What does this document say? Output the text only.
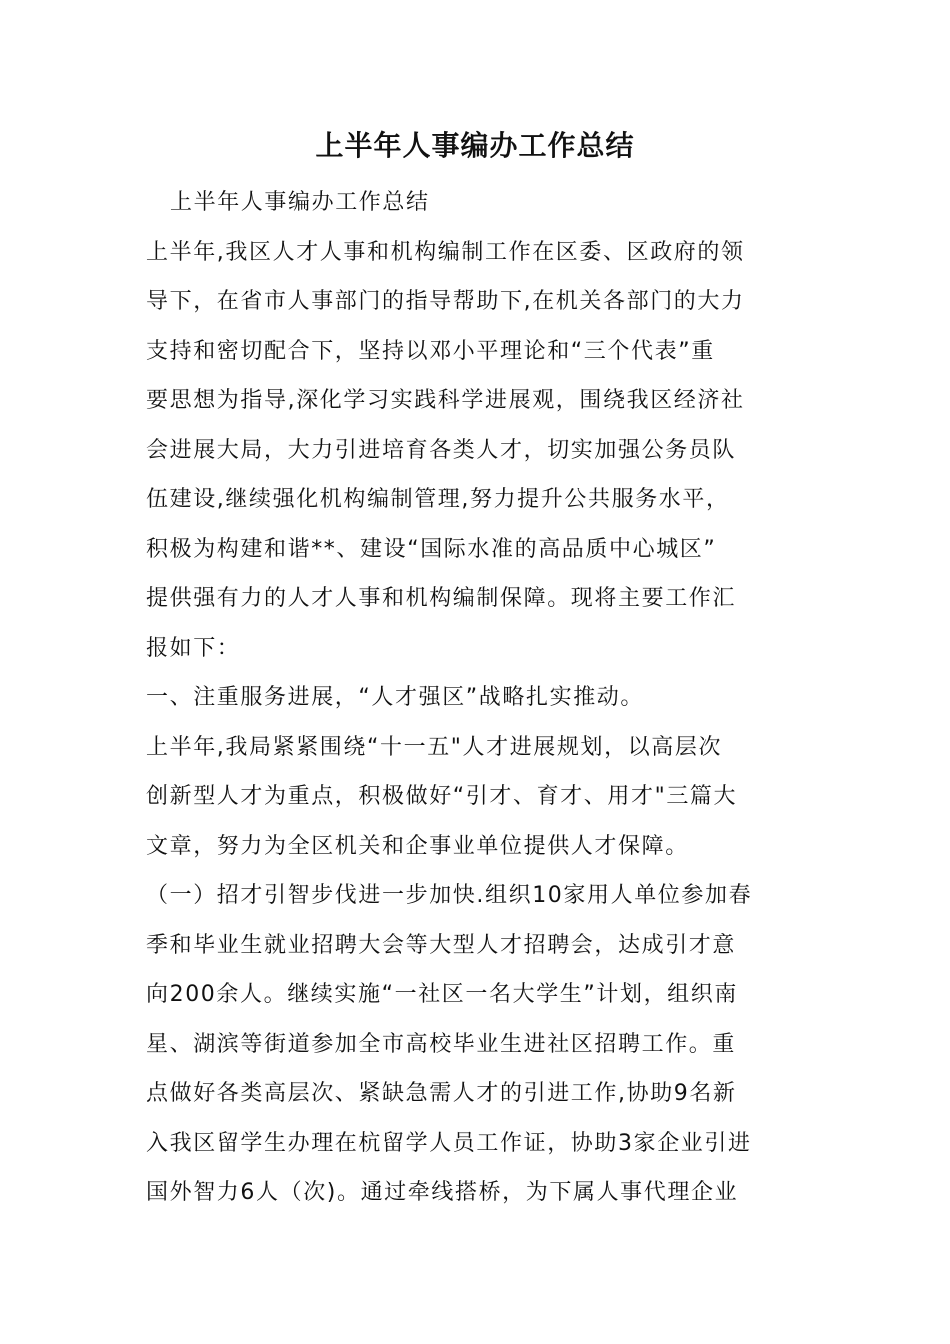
上半年人事编办工作总结
上半年人事编办工作总结
上半年,我区人才人事和机构编制工作在区委、区政府的领
导下，在省市人事部门的指导帮助下,在机关各部门的大力
支持和密切配合下，坚持以邓小平理论和“三个代表”重
要思想为指导,深化学习实践科学进展观，围绕我区经济社
会进展大局，大力引进培育各类人才，切实加强公务员队
伍建设,继续强化机构编制管理,努力提升公共服务水平，
积极为构建和谐**、建设“国际水准的高品质中心城区”
提供强有力的人才人事和机构编制保障。现将主要工作汇
报如下：
一、注重服务进展，“人才强区”战略扎实推动。
上半年,我局紧紧围绕“十一五"人才进展规划，以高层次
创新型人才为重点，积极做好“引才、育才、用才"三篇大
文章，努力为全区机关和企事业单位提供人才保障。
（一）招才引智步伐进一步加快.组织10家用人单位参加春
季和毕业生就业招聘大会等大型人才招聘会，达成引才意
向200余人。继续实施“一社区一名大学生”计划，组织南
星、湖滨等街道参加全市高校毕业生进社区招聘工作。重
点做好各类高层次、紧缺急需人才的引进工作,协助9名新
入我区留学生办理在杭留学人员工作证，协助3家企业引进
国外智力6人（次)。通过牵线搭桥，为下属人事代理企业
